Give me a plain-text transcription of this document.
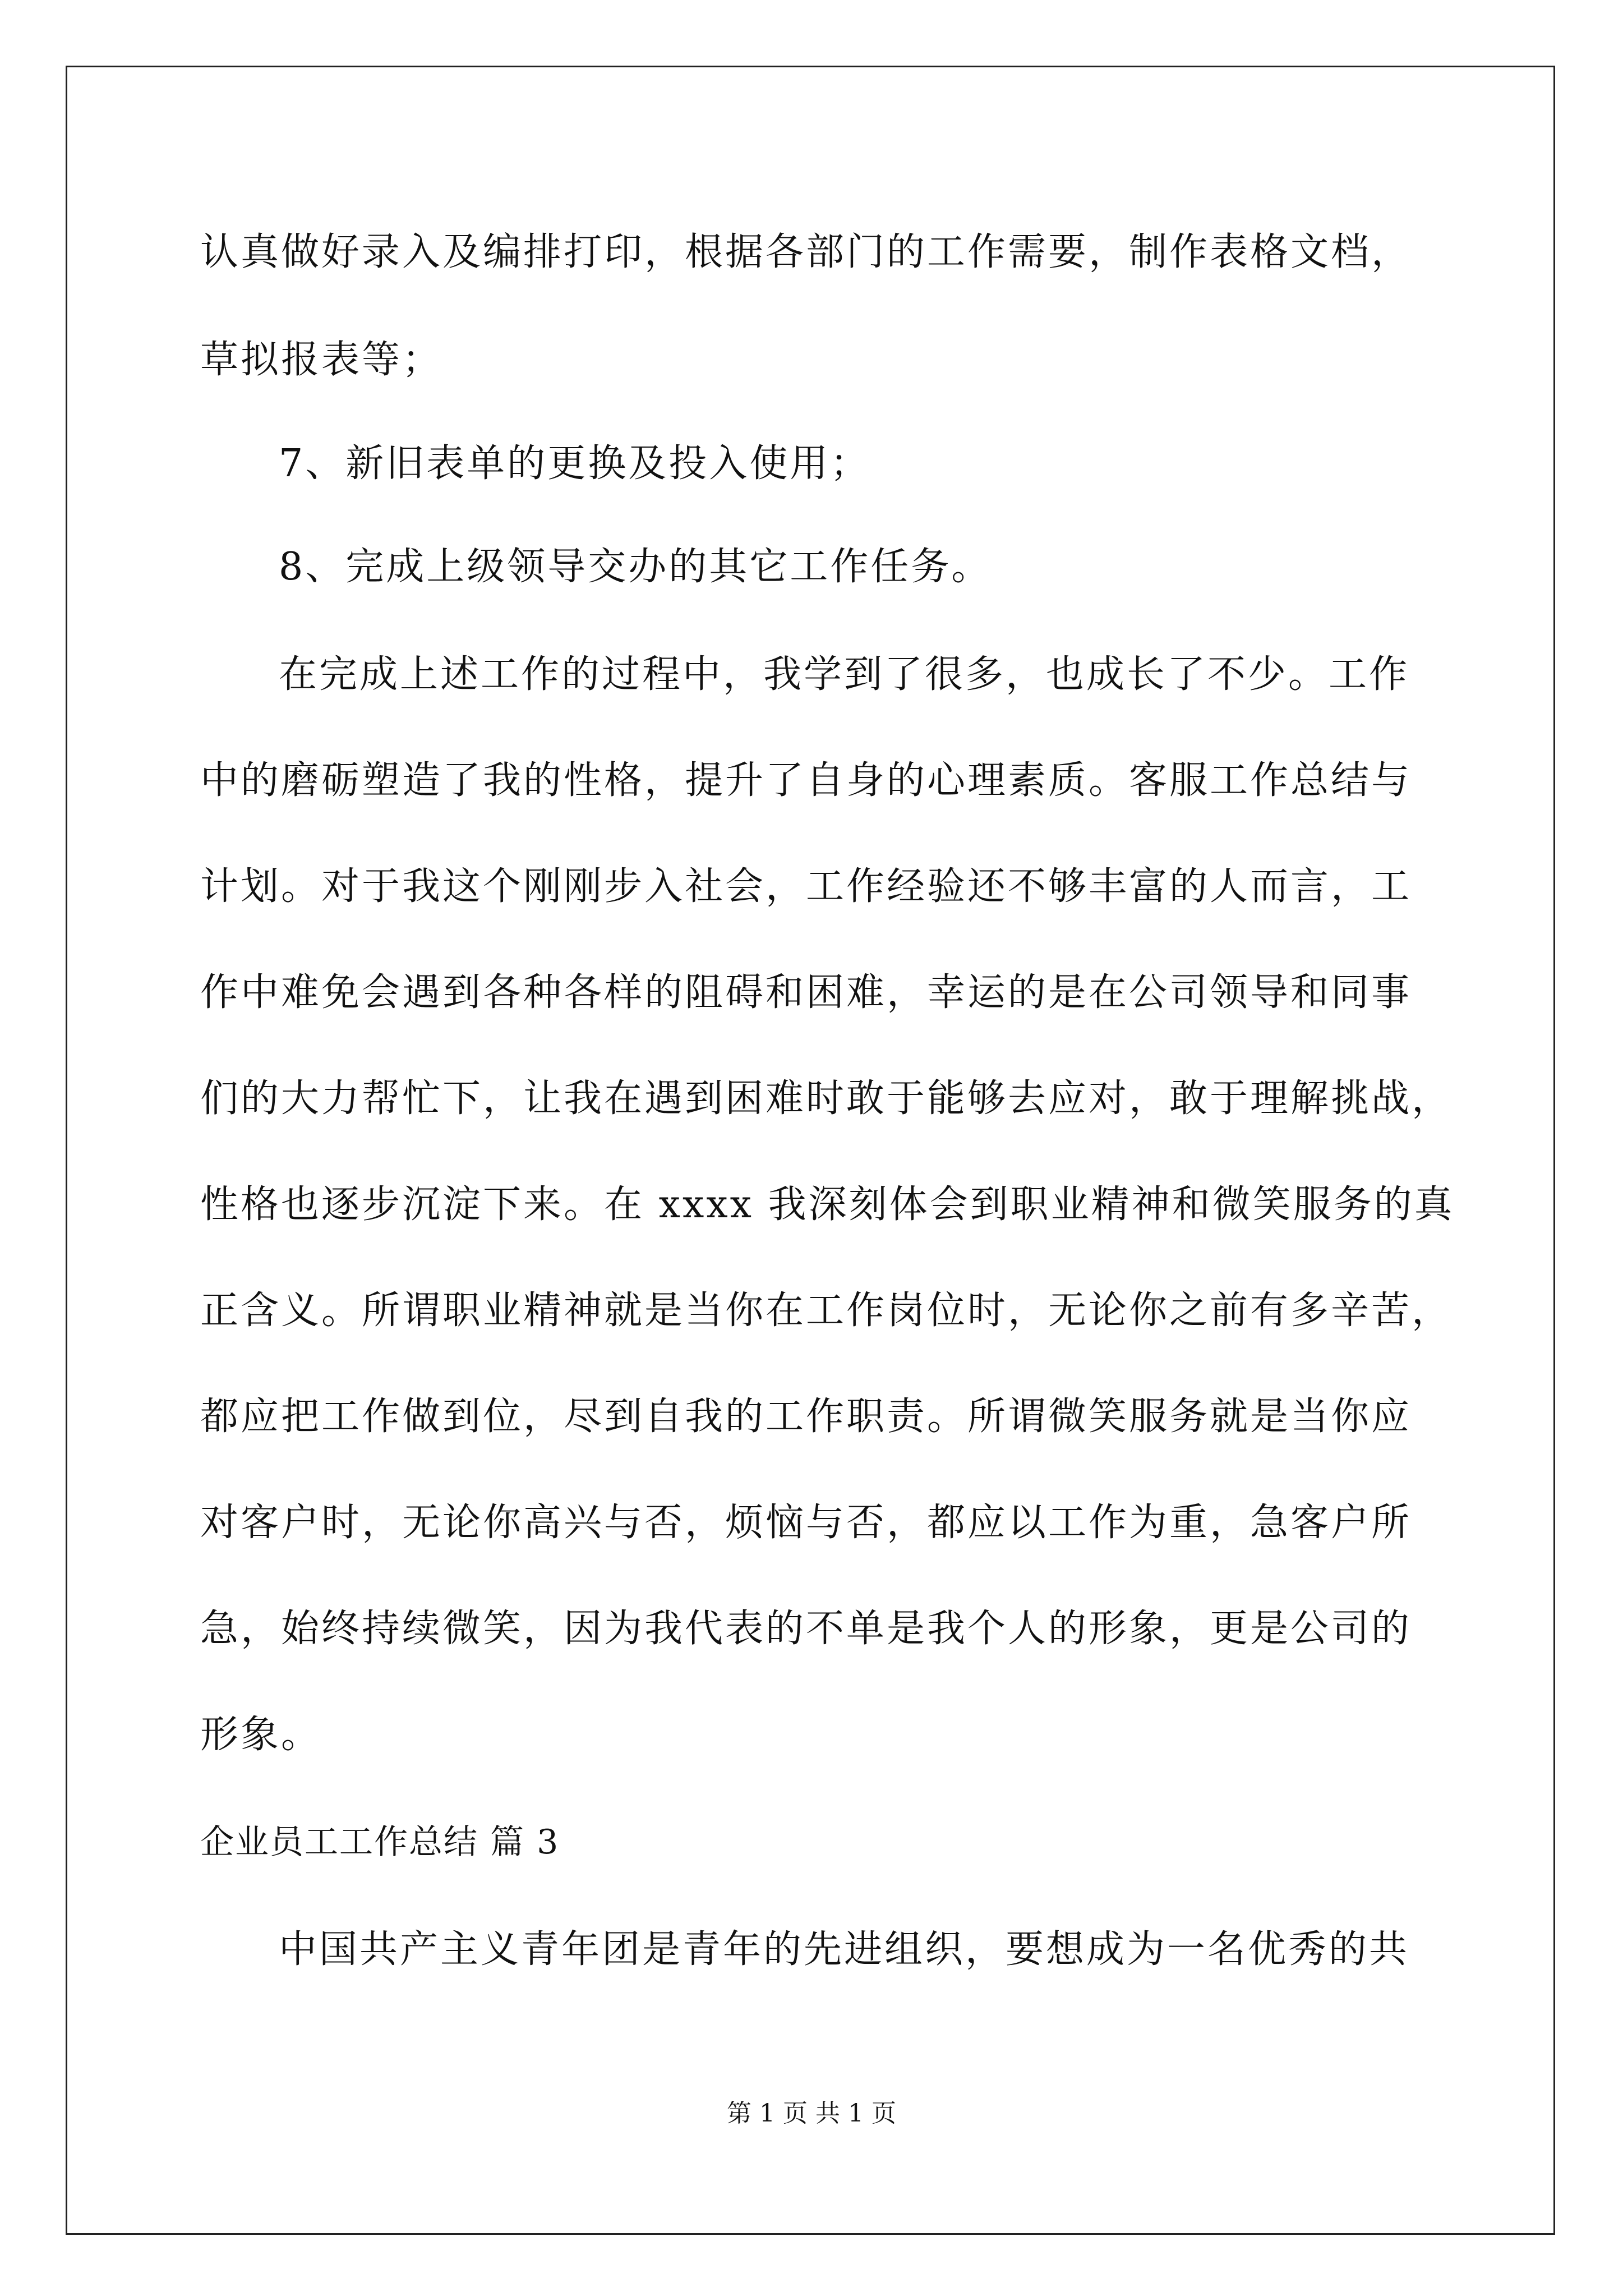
认真做好录入及编排打印，根据各部门的工作需要，制作表格文档，
草拟报表等；
7、新旧表单的更换及投入使用；
8、完成上级领导交办的其它工作任务。
在完成上述工作的过程中，我学到了很多，也成长了不少。工作
中的磨砺塑造了我的性格，提升了自身的心理素质。客服工作总结与
计划。对于我这个刚刚步入社会，工作经验还不够丰富的人而言，工
作中难免会遇到各种各样的阻碍和困难，幸运的是在公司领导和同事
们的大力帮忙下，让我在遇到困难时敢于能够去应对，敢于理解挑战，
性格也逐步沉淀下来。在 xxxx 我深刻体会到职业精神和微笑服务的真
正含义。所谓职业精神就是当你在工作岗位时，无论你之前有多辛苦，
都应把工作做到位，尽到自我的工作职责。所谓微笑服务就是当你应
对客户时，无论你高兴与否，烦恼与否，都应以工作为重，急客户所
急，始终持续微笑，因为我代表的不单是我个人的形象，更是公司的
形象。
企业员工工作总结 篇 3
中国共产主义青年团是青年的先进组织，要想成为一名优秀的共
第 1 页 共 1 页
